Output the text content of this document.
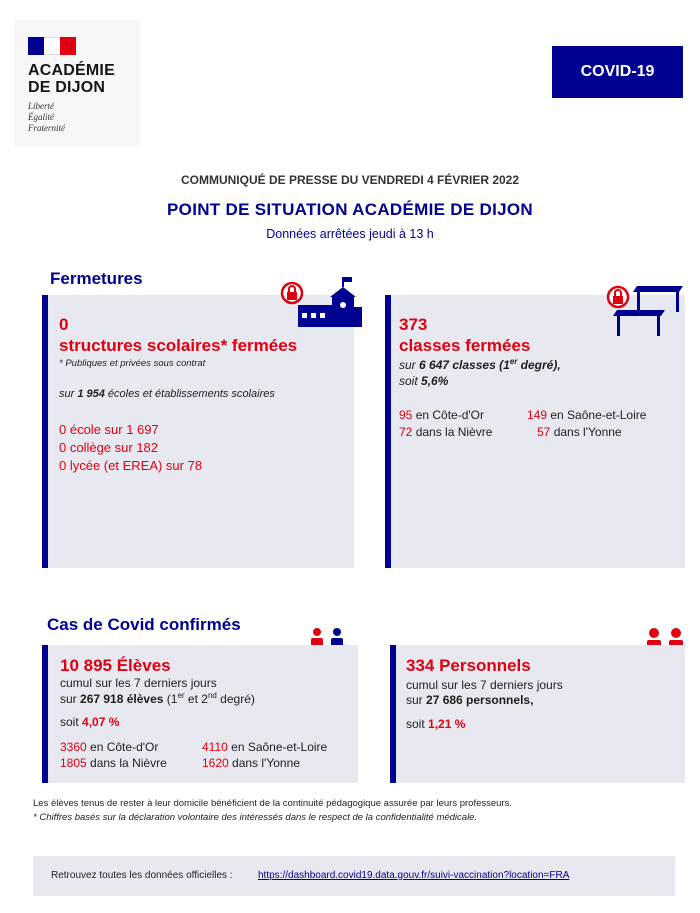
ACADÉMIE
DE DIJON
Liberté
Égalité
Fraternité
COVID-19
COMMUNIQUÉ DE PRESSE DU VENDREDI 4 FÉVRIER 2022
POINT DE SITUATION ACADÉMIE DE DIJON
Données arrêtées jeudi à 13 h
Fermetures
0
structures scolaires* fermées
* Publiques et privées sous contrat
sur 1 954 écoles et établissements scolaires
0 école sur 1 697
0 collège sur 182
0 lycée (et EREA) sur 78
373
classes fermées
sur 6 647 classes (1er degré),
soit 5,6%
95 en Côte-d'Or	149 en Saône-et-Loire
72 dans la Nièvre	57 dans l'Yonne
Cas de Covid confirmés
10 895 Élèves
cumul sur les 7 derniers jours
sur 267 918 élèves (1er et 2nd degré)
soit 4,07 %
3360 en Côte-d'Or	4110 en Saône-et-Loire
1805 dans la Nièvre	1620 dans l'Yonne
334 Personnels
cumul sur les 7 derniers jours
sur 27 686 personnels,
soit 1,21 %
Les élèves tenus de rester à leur domicile bénéficient de la continuité pédagogique assurée par leurs professeurs.
* Chiffres basés sur la déclaration volontaire des intéressés dans le respect de la confidentialité médicale.
Retrouvez toutes les données officielles :	https://dashboard.covid19.data.gouv.fr/suivi-vaccination?location=FRA
